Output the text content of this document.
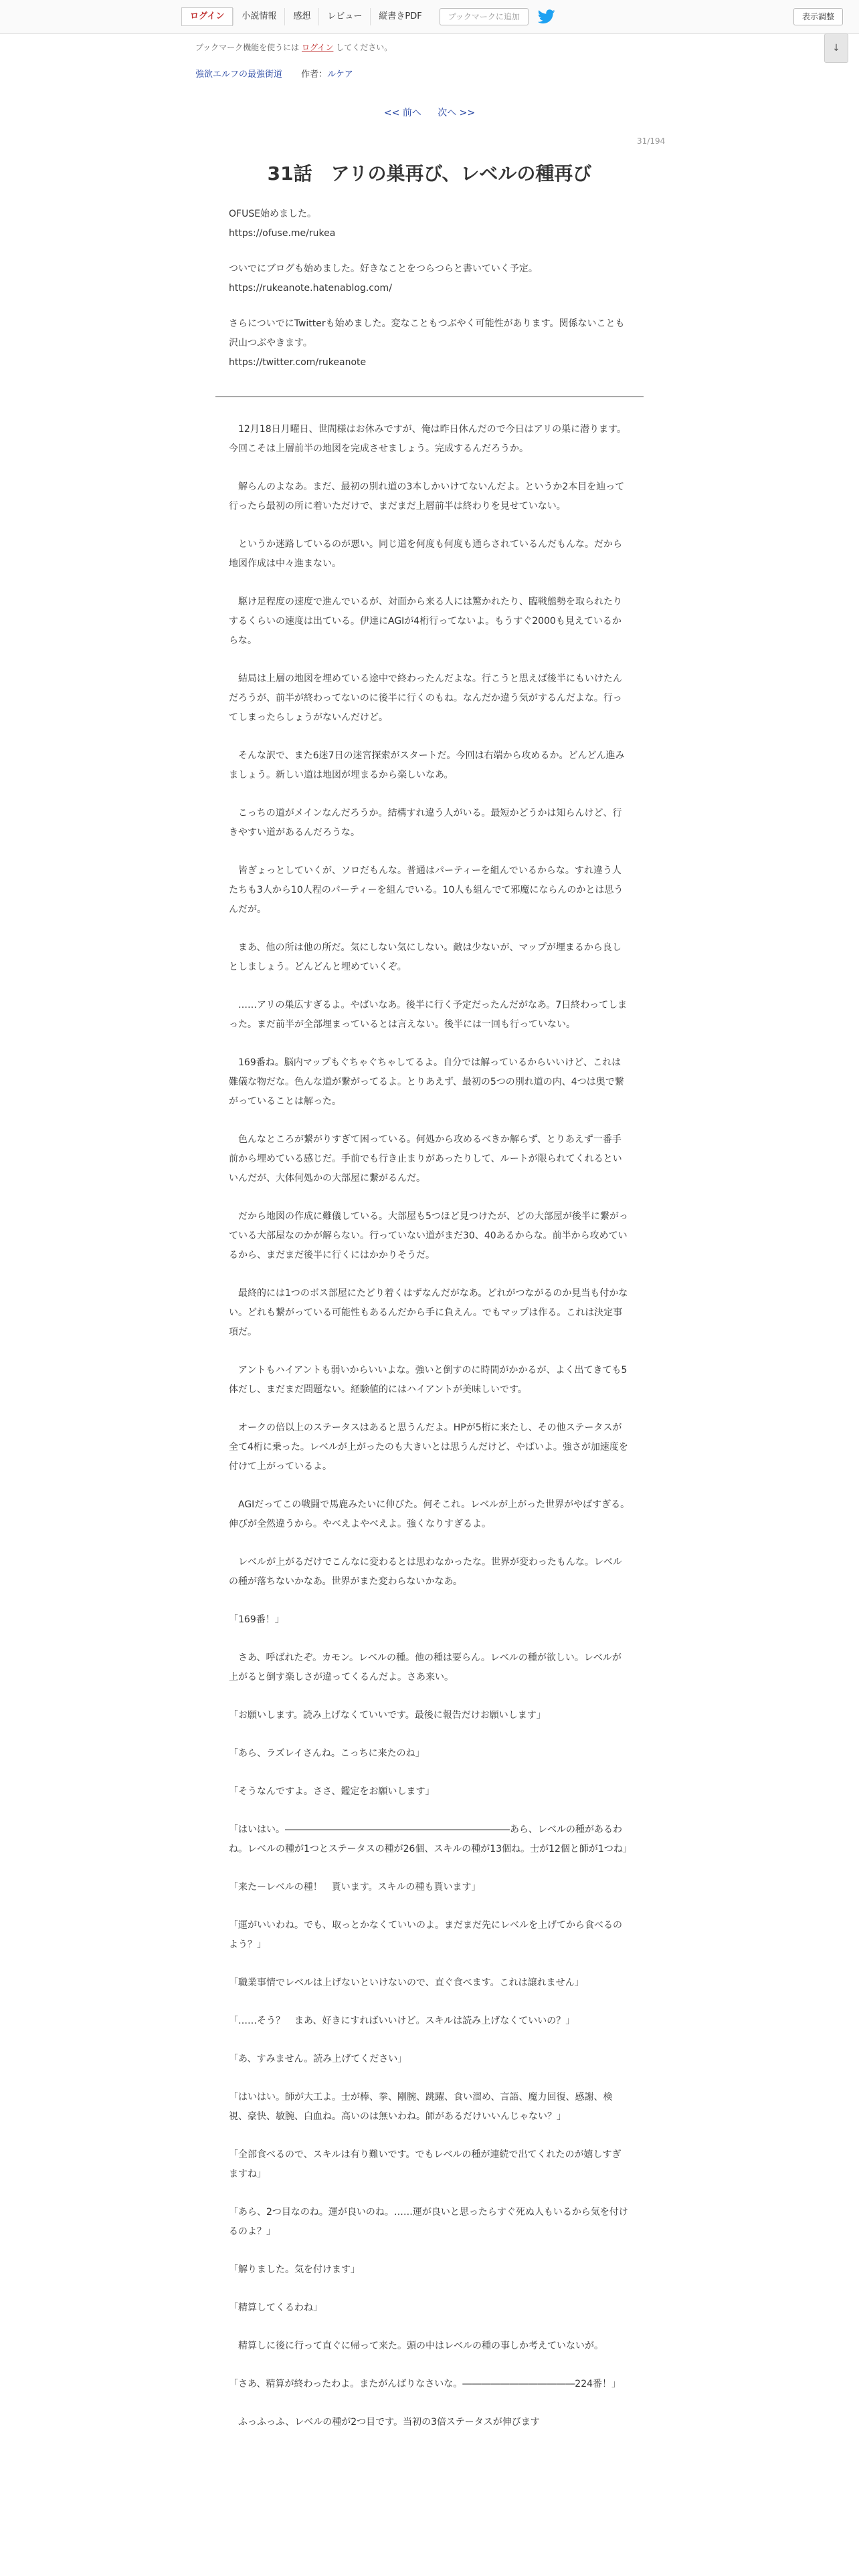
ログイン	小説情報	感想	レビュー	縦書きPDF	ブックマークに追加	表示調整
ブックマーク機能を使うには ログイン してください。	↓
強欲エルフの最強街道 作者：ルケア
<< 前へ 次へ >>
31/194
31話　アリの巣再び、レベルの種再び

OFUSE始めました。
https://ofuse.me/rukea

ついでにブログも始めました。好きなことをつらつらと書いていく予定。
https://rukeanote.hatenablog.com/

さらについでにTwitterも始めました。変なこともつぶやく可能性があります。関係ないことも沢山つぶやきます。
https://twitter.com/rukeanote

　12月18日月曜日、世間様はお休みですが、俺は昨日休んだので今日はアリの巣に潜ります。今回こそは上層前半の地図を完成させましょう。完成するんだろうか。

　解らんのよなあ。まだ、最初の別れ道の3本しかいけてないんだよ。というか2本目を辿って行ったら最初の所に着いただけで、まだまだ上層前半は終わりを見せていない。

　というか迷路しているのが悪い。同じ道を何度も何度も通らされているんだもんな。だから地図作成は中々進まない。

　駆け足程度の速度で進んでいるが、対面から来る人には驚かれたり、臨戦態勢を取られたりするくらいの速度は出ている。伊達にAGIが4桁行ってないよ。もうすぐ2000も見えているからな。

　結局は上層の地図を埋めている途中で終わったんだよな。行こうと思えば後半にもいけたんだろうが、前半が終わってないのに後半に行くのもね。なんだか違う気がするんだよな。行ってしまったらしょうがないんだけど。

　そんな訳で、また6迷7日の迷宮探索がスタートだ。今回は右端から攻めるか。どんどん進みましょう。新しい道は地図が埋まるから楽しいなあ。

　こっちの道がメインなんだろうか。結構すれ違う人がいる。最短かどうかは知らんけど、行きやすい道があるんだろうな。

　皆ぎょっとしていくが、ソロだもんな。普通はパーティーを組んでいるからな。すれ違う人たちも3人から10人程のパーティーを組んでいる。10人も組んでて邪魔にならんのかとは思うんだが。

　まあ、他の所は他の所だ。気にしない気にしない。敵は少ないが、マップが埋まるから良しとしましょう。どんどんと埋めていくぞ。

　……アリの巣広すぎるよ。やばいなあ。後半に行く予定だったんだがなあ。7日終わってしまった。まだ前半が全部埋まっているとは言えない。後半には一回も行っていない。

　169番ね。脳内マップもぐちゃぐちゃしてるよ。自分では解っているからいいけど、これは難儀な物だな。色んな道が繋がってるよ。とりあえず、最初の5つの別れ道の内、4つは奥で繋がっていることは解った。

　色んなところが繋がりすぎて困っている。何処から攻めるべきか解らず、とりあえず一番手前から埋めている感じだ。手前でも行き止まりがあったりして、ルートが限られてくれるといいんだが、大体何処かの大部屋に繋がるんだ。

　だから地図の作成に難儀している。大部屋も5つほど見つけたが、どの大部屋が後半に繋がっている大部屋なのかが解らない。行っていない道がまだ30、40あるからな。前半から攻めているから、まだまだ後半に行くにはかかりそうだ。

　最終的には1つのボス部屋にたどり着くはずなんだがなあ。どれがつながるのか見当も付かない。どれも繋がっている可能性もあるんだから手に負えん。でもマップは作る。これは決定事項だ。

　アントもハイアントも弱いからいいよな。強いと倒すのに時間がかかるが、よく出てきても5体だし、まだまだ問題ない。経験値的にはハイアントが美味しいです。

　オークの倍以上のステータスはあると思うんだよ。HPが5桁に来たし、その他ステータスが全て4桁に乗った。レベルが上がったのも大きいとは思うんだけど、やばいよ。強さが加速度を付けて上がっているよ。

　AGIだってこの戦闘で馬鹿みたいに伸びた。何そこれ。レベルが上がった世界がやばすぎる。伸びが全然違うから。やべえよやべえよ。強くなりすぎるよ。

　レベルが上がるだけでこんなに変わるとは思わなかったな。世界が変わったもんな。レベルの種が落ちないかなあ。世界がまた変わらないかなあ。

「169番！」

　さあ、呼ばれたぞ。カモン。レベルの種。他の種は要らん。レベルの種が欲しい。レベルが上がると倒す楽しさが違ってくるんだよ。さあ来い。

「お願いします。読み上げなくていいです。最後に報告だけお願いします」

「あら、ラズレイさんね。こっちに来たのね」

「そうなんですよ。ささ、鑑定をお願いします」

「はいはい。――――――――――――――――――――――――あら、レベルの種があるわね。レベルの種が1つとステータスの種が26個、スキルの種が13個ね。士が12個と師が1つね」

「来たーレベルの種！　貰います。スキルの種も貰います」

「運がいいわね。でも、取っとかなくていいのよ。まだまだ先にレベルを上げてから食べるのよう？」

「職業事情でレベルは上げないといけないので、直ぐ食べます。これは譲れません」

「……そう？　まあ、好きにすればいいけど。スキルは読み上げなくていいの？」

「あ、すみません。読み上げてください」

「はいはい。師が大工よ。士が棒、拳、剛腕、跳躍、食い溜め、言語、魔力回復、感謝、検視、豪快、敏腕、白血ね。高いのは無いわね。師があるだけいいんじゃない？」

「全部食べるので、スキルは有り難いです。でもレベルの種が連続で出てくれたのが嬉しすぎますね」

「あら、2つ目なのね。運が良いのね。……運が良いと思ったらすぐ死ぬ人もいるから気を付けるのよ？」

「解りました。気を付けます」

「精算してくるわね」

　精算しに後に行って直ぐに帰って来た。頭の中はレベルの種の事しか考えていないが。

「さあ、精算が終わったわよ。またがんばりなさいな。――――――――――――224番！」

　ふっふっふ、レベルの種が2つ目です。当初の3倍ステータスが伸びます
